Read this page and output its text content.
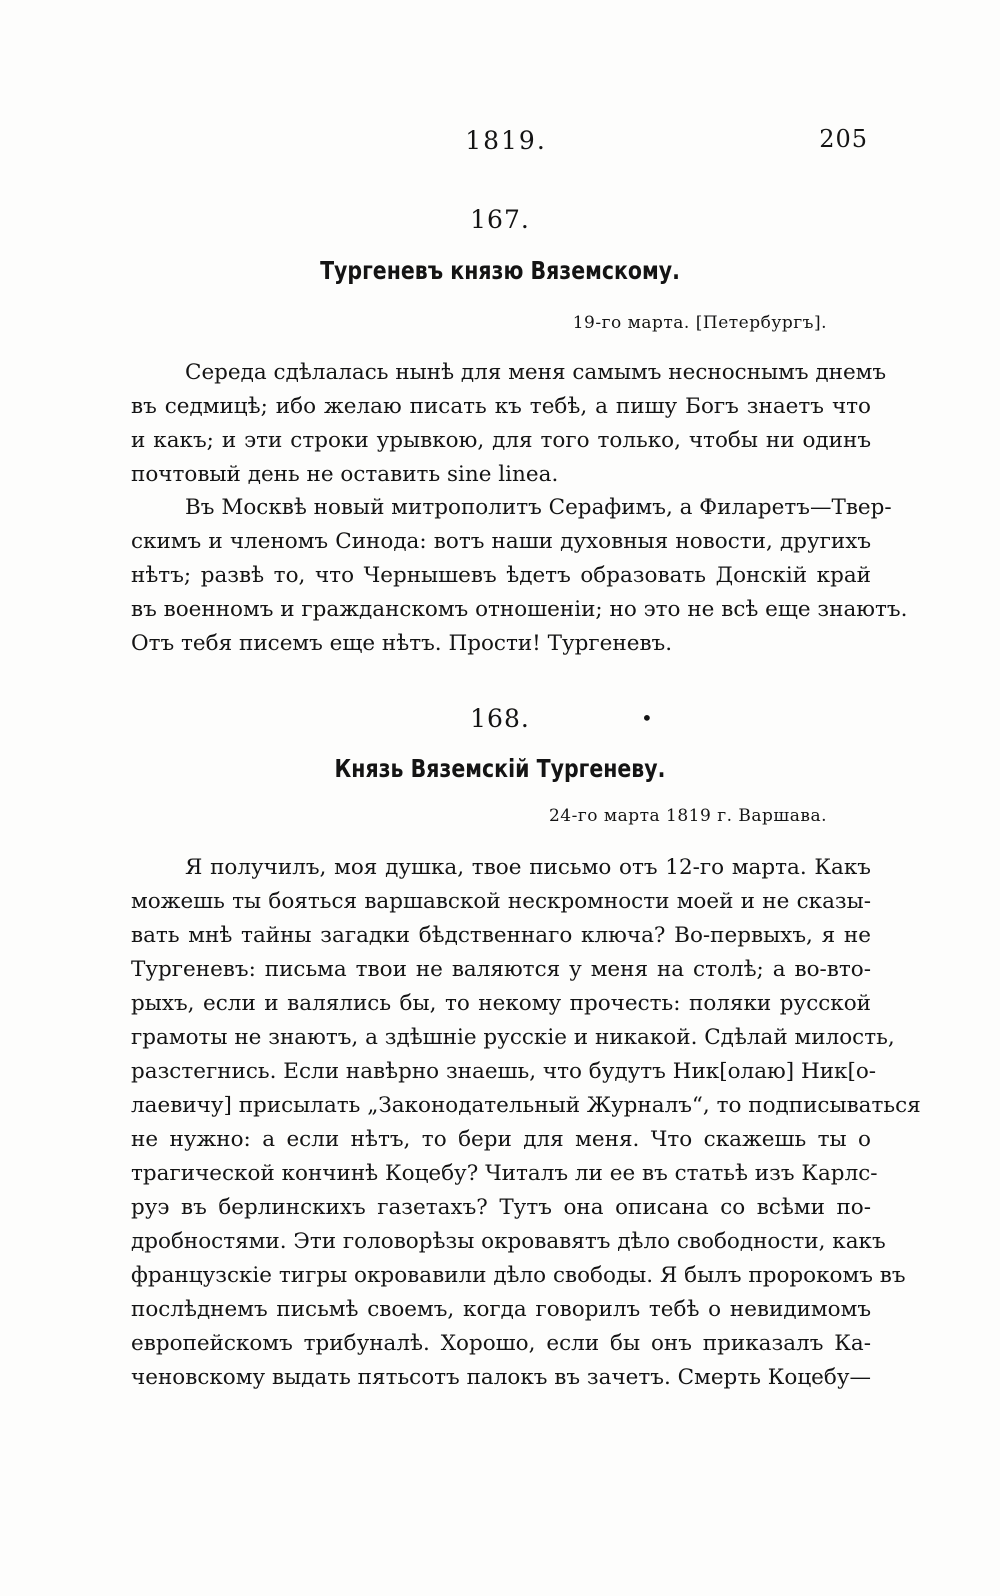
1819.	205
167.
Тургеневъ князю Вяземскому.
19-го марта. [Петербургъ].
Середа сдѣлалась нынѣ для меня самымъ несноснымъ днемъ
въ седмицѣ; ибо желаю писать къ тебѣ, а пишу Богъ знаетъ что
и какъ; и эти строки урывкою, для того только, чтобы ни одинъ
почтовый день не оставить sine linea.
Въ Москвѣ новый митрополитъ Серафимъ, а Филаретъ—Твер-
скимъ и членомъ Синода: вотъ наши духовныя новости, другихъ
нѣтъ; развѣ то, что Чернышевъ ѣдетъ образовать Донскій край
въ военномъ и гражданскомъ отношеніи; но это не всѣ еще знаютъ.
Отъ тебя писемъ еще нѣтъ. Прости! Тургеневъ.
168.	•
Князь Вяземскій Тургеневу.
24-го марта 1819 г. Варшава.
Я получилъ, моя душка, твое письмо отъ 12-го марта. Какъ
можешь ты бояться варшавской нескромности моей и не сказы-
вать мнѣ тайны загадки бѣдственнаго ключа? Во-первыхъ, я не
Тургеневъ: письма твои не валяются у меня на столѣ; а во-вто-
рыхъ, если и валялись бы, то некому прочесть: поляки русской
грамоты не знаютъ, а здѣшніе русскіе и никакой. Сдѣлай милость,
разстегнись. Если навѣрно знаешь, что будутъ Ник[олаю] Ник[о-
лаевичу] присылать „Законодательный Журналъ“, то подписываться
не нужно: а если нѣтъ, то бери для меня. Что скажешь ты о
трагической кончинѣ Коцебу? Читалъ ли ее въ статьѣ изъ Карлс-
руэ въ берлинскихъ газетахъ? Тутъ она описана со всѣми по-
дробностями. Эти головорѣзы окровавятъ дѣло свободности, какъ
французскіе тигры окровавили дѣло свободы. Я былъ пророкомъ въ
послѣднемъ письмѣ своемъ, когда говорилъ тебѣ о невидимомъ
европейскомъ трибуналѣ. Хорошо, если бы онъ приказалъ Ка-
ченовскому выдать пятьсотъ палокъ въ зачетъ. Смерть Коцебу—
